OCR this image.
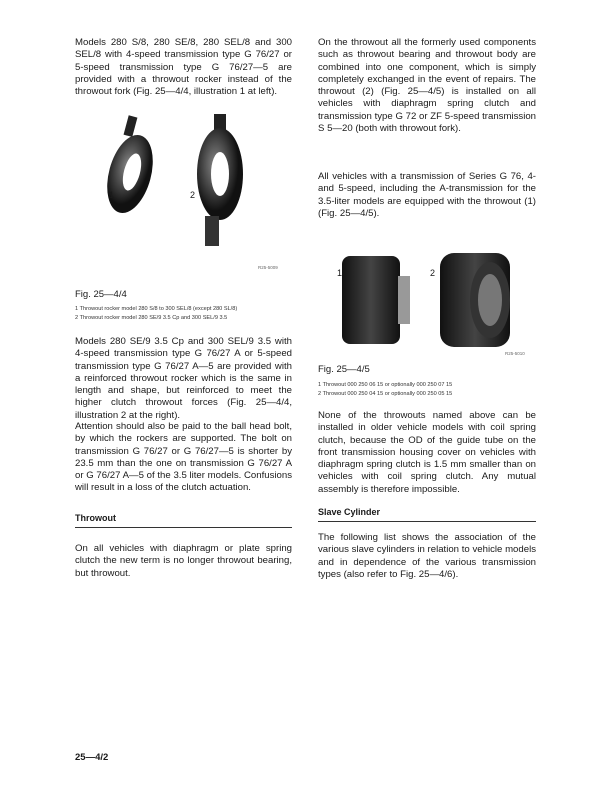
Models 280 S/8, 280 SE/8, 280 SEL/8 and 300 SEL/8 with 4-speed transmission type G 76/27 or 5-speed transmission type G 76/27—5 are provided with a throwout rocker instead of the throwout fork (Fig. 25—4/4, illustration 1 at left).
1	2
R25-5009
Fig. 25—4/4
1 Throwout rocker model 280 S/8 to 300 SEL/8 (except 280 SL/8)
2 Throwout rocker model 280 SE/9 3.5 Cp and 300 SEL/9 3.5
Models 280 SE/9 3.5 Cp and 300 SEL/9 3.5 with 4-speed transmission type G 76/27 A or 5-speed transmission type G 76/27 A—5 are provided with a reinforced throwout rocker which is the same in length and shape, but reinforced to meet the higher clutch throwout forces (Fig. 25—4/4, illustration 2 at the right).
Attention should also be paid to the ball head bolt, by which the rockers are supported. The bolt on transmission G 76/27 or G 76/27—5 is shorter by 23.5 mm than the one on transmission G 76/27 A or G 76/27 A—5 of the 3.5 liter models. Confusions will result in a loss of the clutch actuation.
Throwout
On all vehicles with diaphragm or plate spring clutch the new term is no longer throwout bearing, but throwout.
On the throwout all the formerly used components such as throwout bearing and throwout body are combined into one component, which is simply completely exchanged in the event of repairs. The throwout (2) (Fig. 25—4/5) is installed on all vehicles with diaphragm spring clutch and transmission type G 72 or ZF 5-speed transmission S 5—20 (both with throwout fork).
All vehicles with a transmission of Series G 76, 4- and 5-speed, including the A-transmission for the 3.5-liter models are equipped with the throwout (1) (Fig. 25—4/5).
1	2
R25-5010
Fig. 25—4/5
1 Throwout 000 250 06 15 or optionally 000 250 07 15
2 Throwout 000 250 04 15 or optionally 000 250 05 15
None of the throwouts named above can be installed in older vehicle models with coil spring clutch, because the OD of the guide tube on the front transmission housing cover on vehicles with diaphragm spring clutch is 1.5 mm smaller than on vehicles with coil spring clutch. Any mutual assembly is therefore impossible.
Slave Cylinder
The following list shows the association of the various slave cylinders in relation to vehicle models and in dependence of the various transmission types (also refer to Fig. 25—4/6).
25—4/2
